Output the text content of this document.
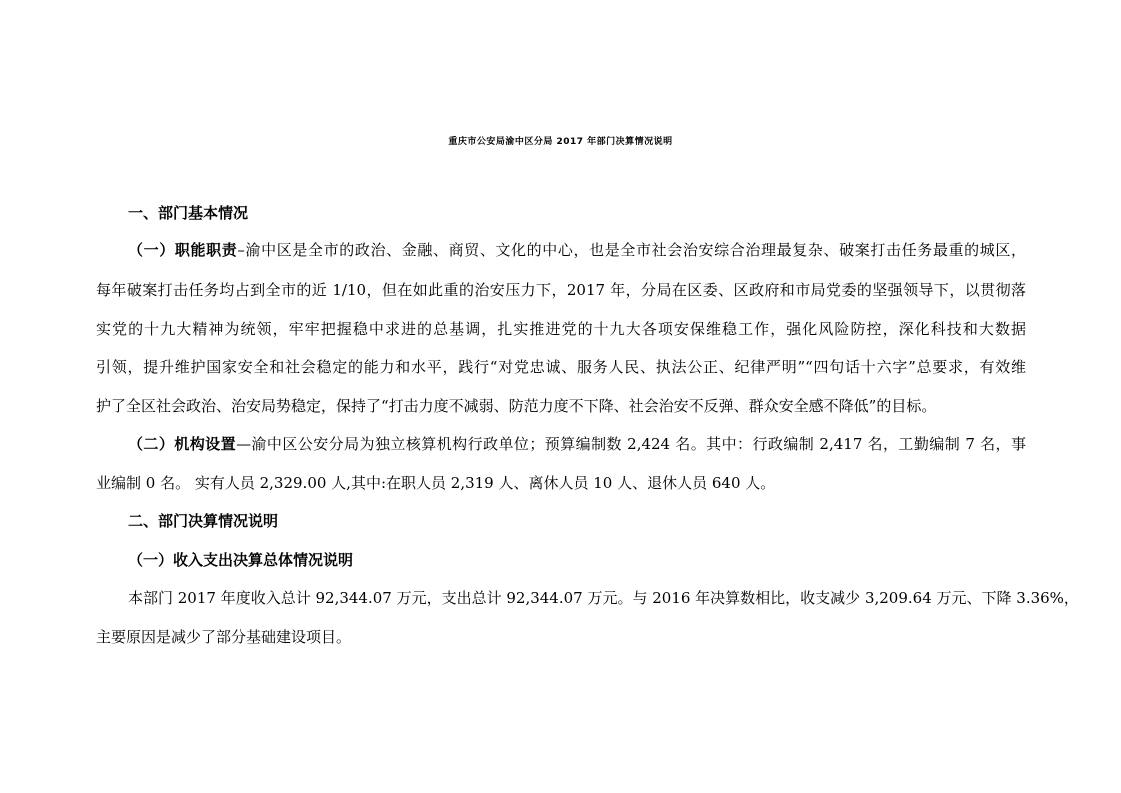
重庆市公安局渝中区分局 2017 年部门决算情况说明
一、部门基本情况
（一）职能职责–渝中区是全市的政治、金融、商贸、文化的中心，也是全市社会治安综合治理最复杂、破案打击任务最重的城区，
每年破案打击任务均占到全市的近 1/10，但在如此重的治安压力下，2017 年，分局在区委、区政府和市局党委的坚强领导下，以贯彻落
实党的十九大精神为统领，牢牢把握稳中求进的总基调，扎实推进党的十九大各项安保维稳工作，强化风险防控，深化科技和大数据
引领，提升维护国家安全和社会稳定的能力和水平，践行“对党忠诚、服务人民、执法公正、纪律严明”“四句话十六字”总要求，有效维
护了全区社会政治、治安局势稳定，保持了“打击力度不减弱、防范力度不下降、社会治安不反弹、群众安全感不降低”的目标。
（二）机构设置—渝中区公安分局为独立核算机构行政单位；预算编制数 2,424 名。其中：行政编制 2,417 名，工勤编制 7 名，事
业编制 0 名。 实有人员 2,329.00 人,其中:在职人员 2,319 人、离休人员 10 人、退休人员 640 人。
二、部门决算情况说明
（一）收入支出决算总体情况说明
本部门 2017 年度收入总计 92,344.07 万元，支出总计 92,344.07 万元。与 2016 年决算数相比，收支减少 3,209.64 万元、下降 3.36%，
主要原因是减少了部分基础建设项目。
